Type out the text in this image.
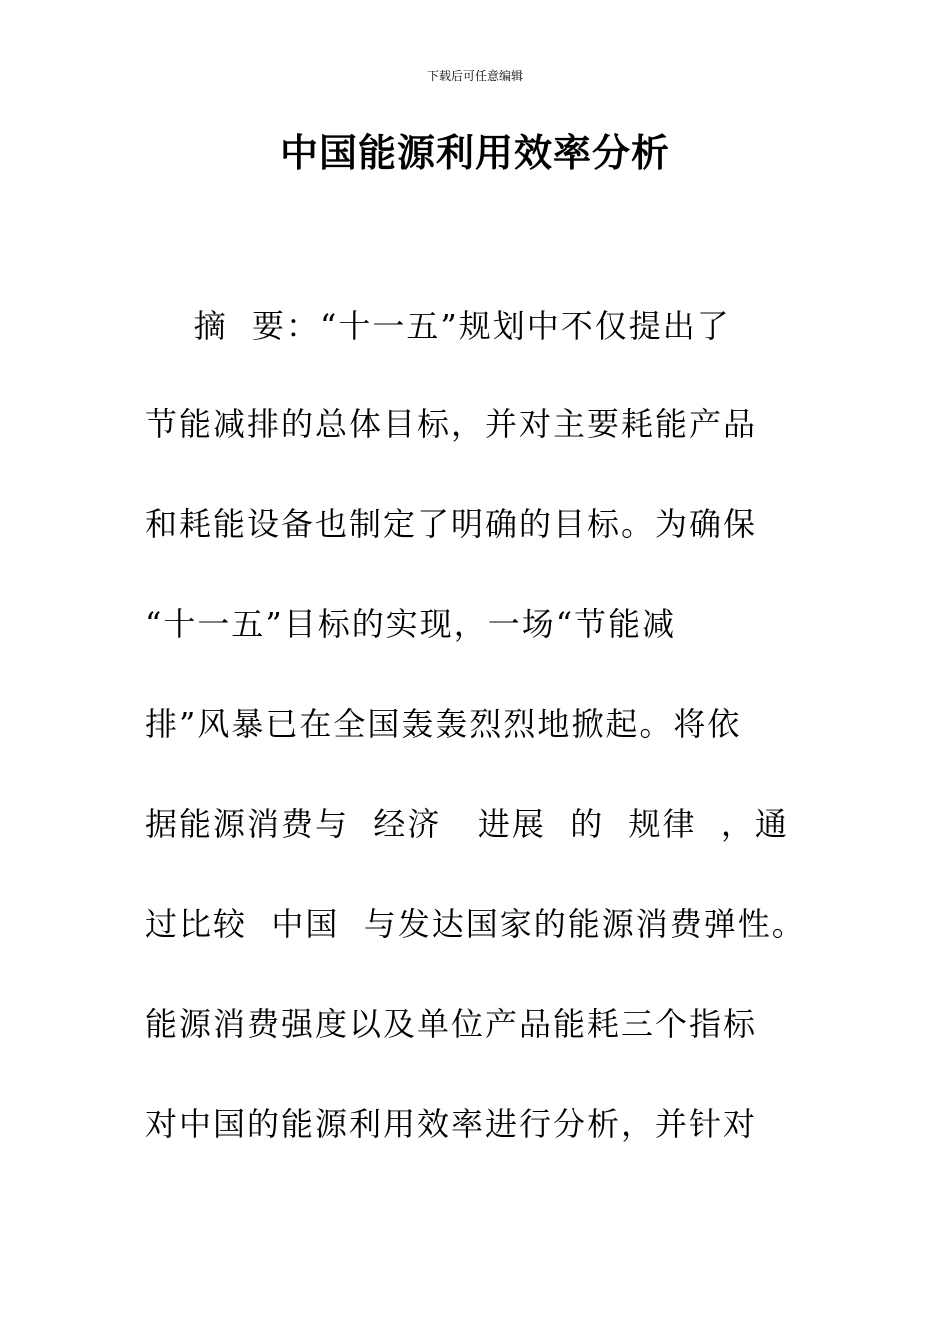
下载后可任意编辑
中国能源利用效率分析
摘  要：“十一五”规划中不仅提出了
节能减排的总体目标，并对主要耗能产品
和耗能设备也制定了明确的目标。为确保
“十一五”目标的实现，一场“节能减
排”风暴已在全国轰轰烈烈地掀起。将依
据能源消费与  经济   进展  的  规律  ，通
过比较  中国  与发达国家的能源消费弹性。
能源消费强度以及单位产品能耗三个指标
对中国的能源利用效率进行分析，并针对
